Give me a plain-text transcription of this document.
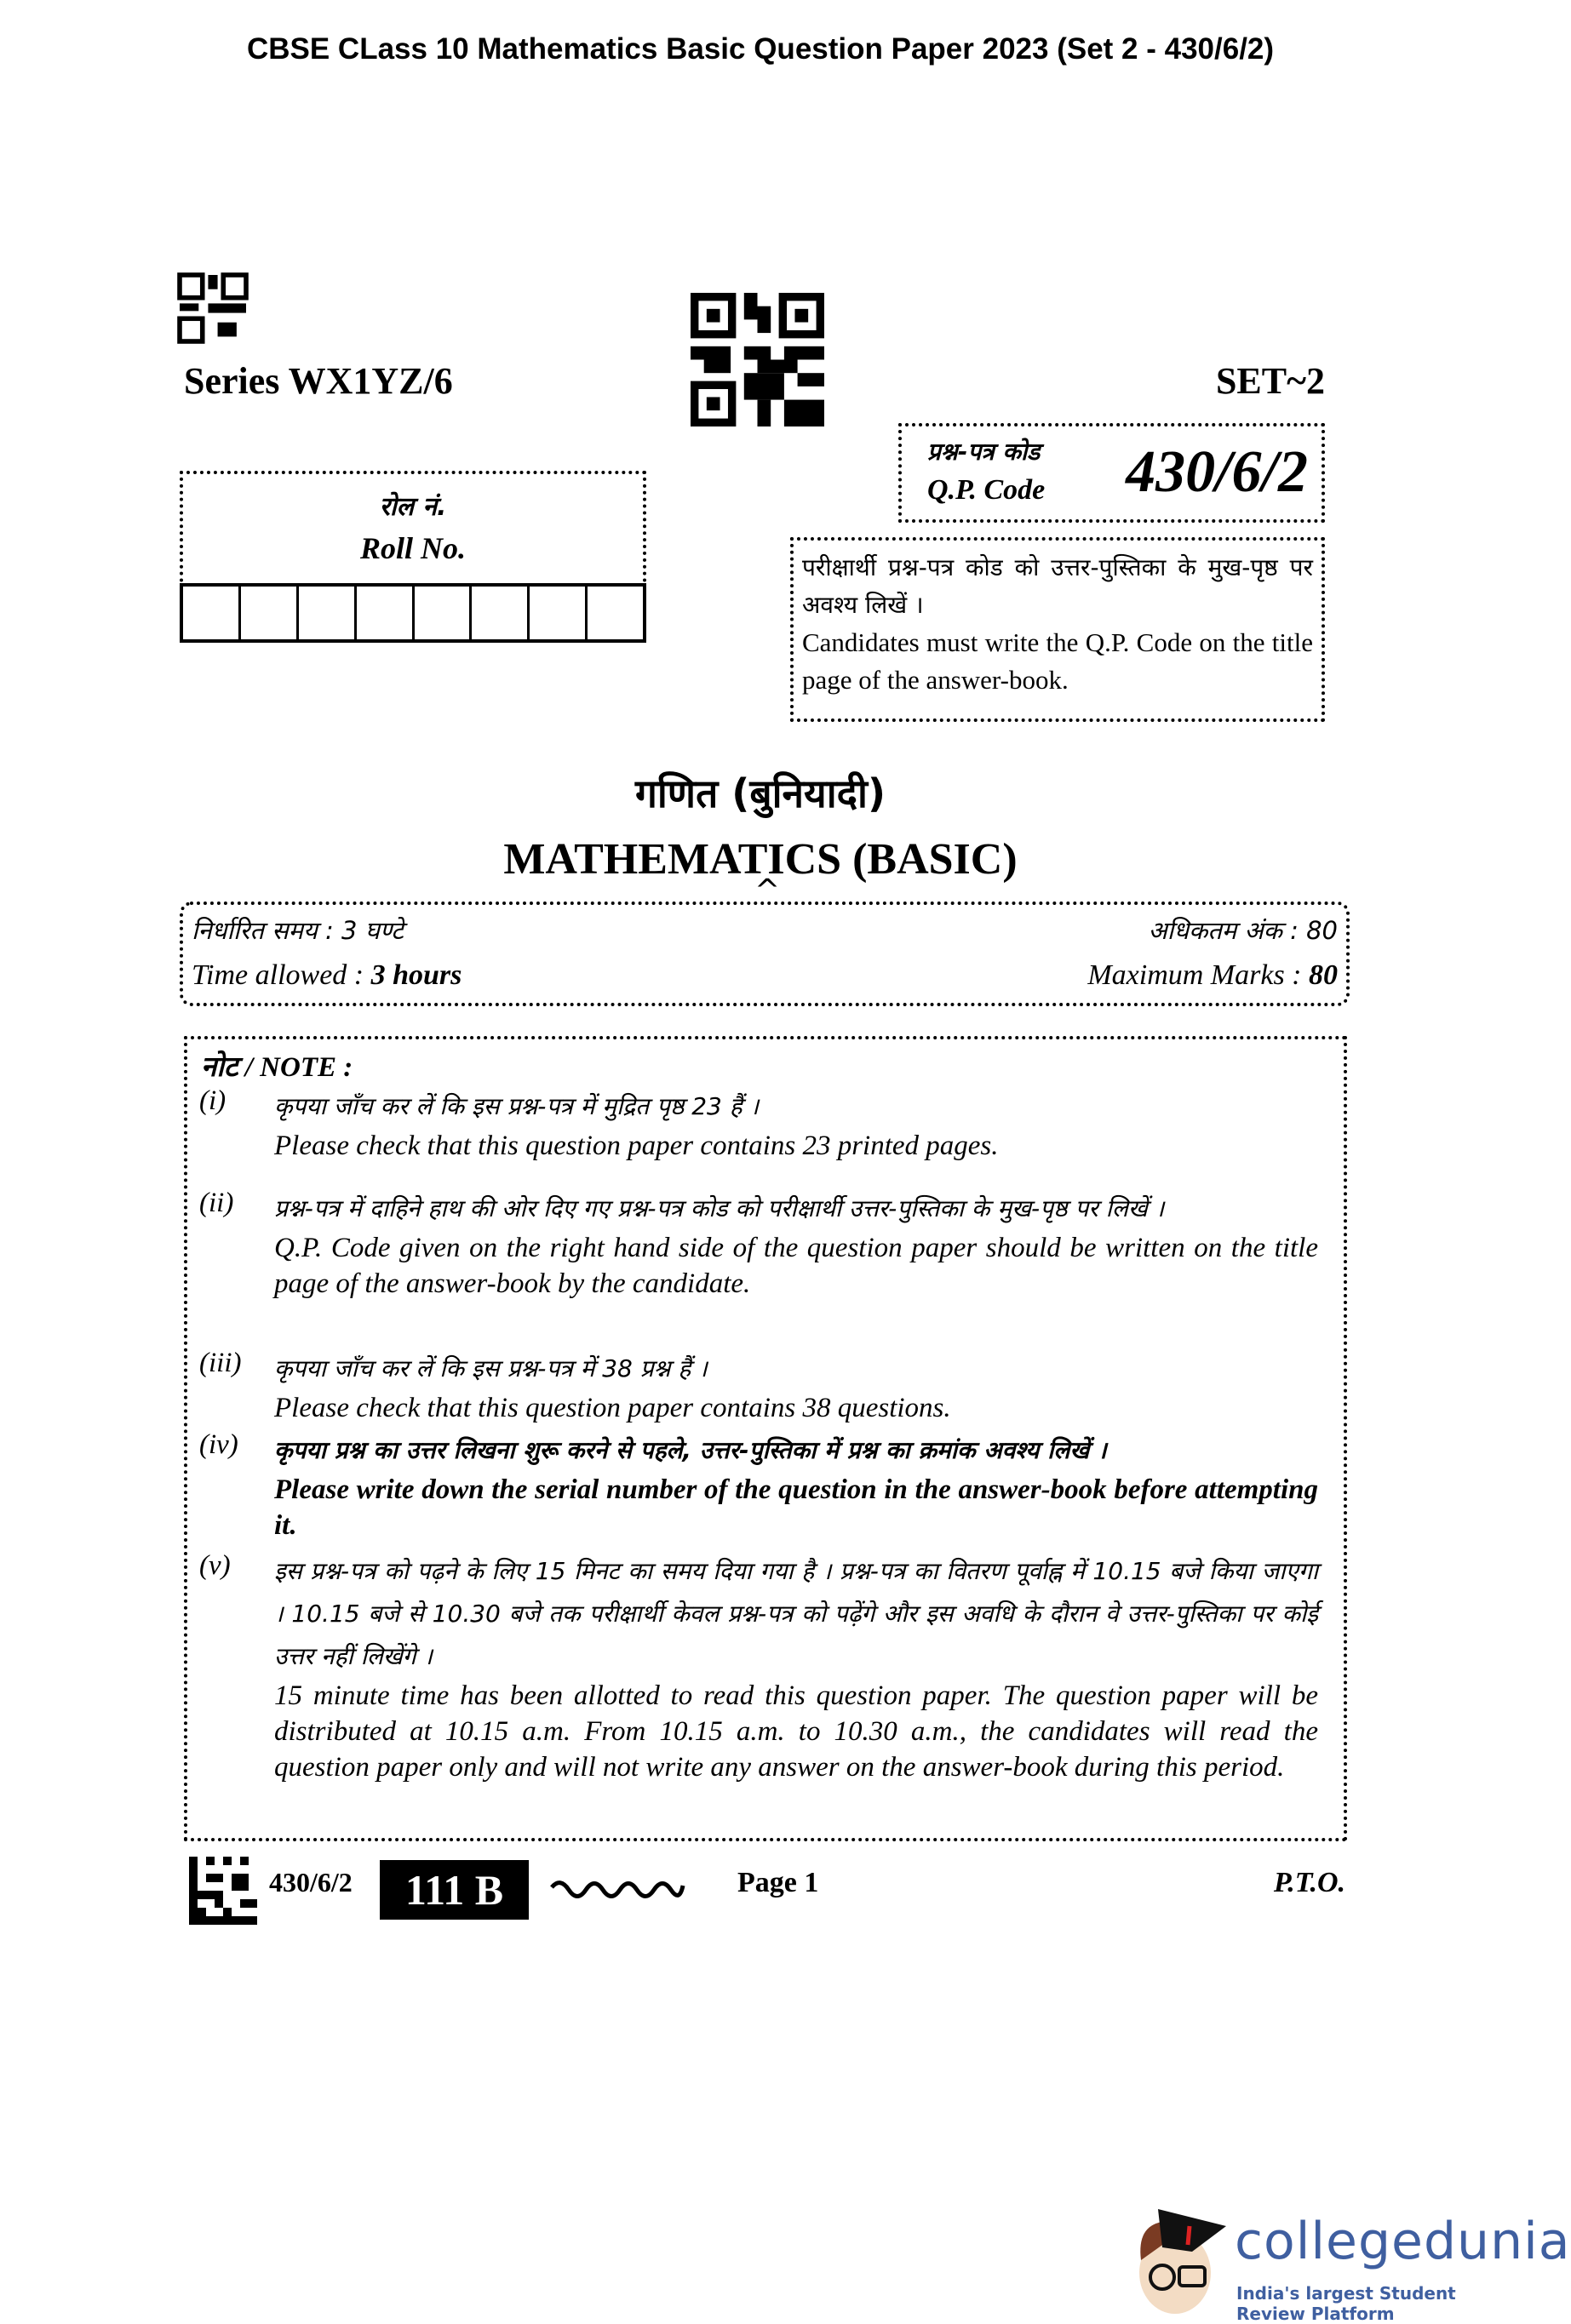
CBSE CLass 10 Mathematics Basic Question Paper 2023 (Set 2 - 430/6/2)
Series WX1YZ/6	SET~2
प्रश्न-पत्र कोड
Q.P. Code 430/6/2
रोल नं.
Roll No.
परीक्षार्थी प्रश्न-पत्र कोड को उत्तर-पुस्तिका के मुख-पृष्ठ पर अवश्य लिखें ।
Candidates must write the Q.P. Code on the title page of the answer-book.
गणित (बुनियादी)
MATHEMATICS (BASIC)
^
निर्धारित समय : 3 घण्टे	अधिकतम अंक : 80
Time allowed : 3 hours	Maximum Marks : 80
नोट / NOTE :
(i) कृपया जाँच कर लें कि इस प्रश्न-पत्र में मुद्रित पृष्ठ 23 हैं ।
Please check that this question paper contains 23 printed pages.
(ii) प्रश्न-पत्र में दाहिने हाथ की ओर दिए गए प्रश्न-पत्र कोड को परीक्षार्थी उत्तर-पुस्तिका के मुख-पृष्ठ पर लिखें ।
Q.P. Code given on the right hand side of the question paper should be written on the title page of the answer-book by the candidate.
(iii) कृपया जाँच कर लें कि इस प्रश्न-पत्र में 38 प्रश्न हैं ।
Please check that this question paper contains 38 questions.
(iv) कृपया प्रश्न का उत्तर लिखना शुरू करने से पहले, उत्तर-पुस्तिका में प्रश्न का क्रमांक अवश्य लिखें ।
Please write down the serial number of the question in the answer-book before attempting it.
(v) इस प्रश्न-पत्र को पढ़ने के लिए 15 मिनट का समय दिया गया है । प्रश्न-पत्र का वितरण पूर्वाह्न में 10.15 बजे किया जाएगा । 10.15 बजे से 10.30 बजे तक परीक्षार्थी केवल प्रश्न-पत्र को पढ़ेंगे और इस अवधि के दौरान वे उत्तर-पुस्तिका पर कोई उत्तर नहीं लिखेंगे ।
15 minute time has been allotted to read this question paper. The question paper will be distributed at 10.15 a.m. From 10.15 a.m. to 10.30 a.m., the candidates will read the question paper only and will not write any answer on the answer-book during this period.
430/6/2	111 B	Page 1	P.T.O.
collegedunia
India's largest Student Review Platform
